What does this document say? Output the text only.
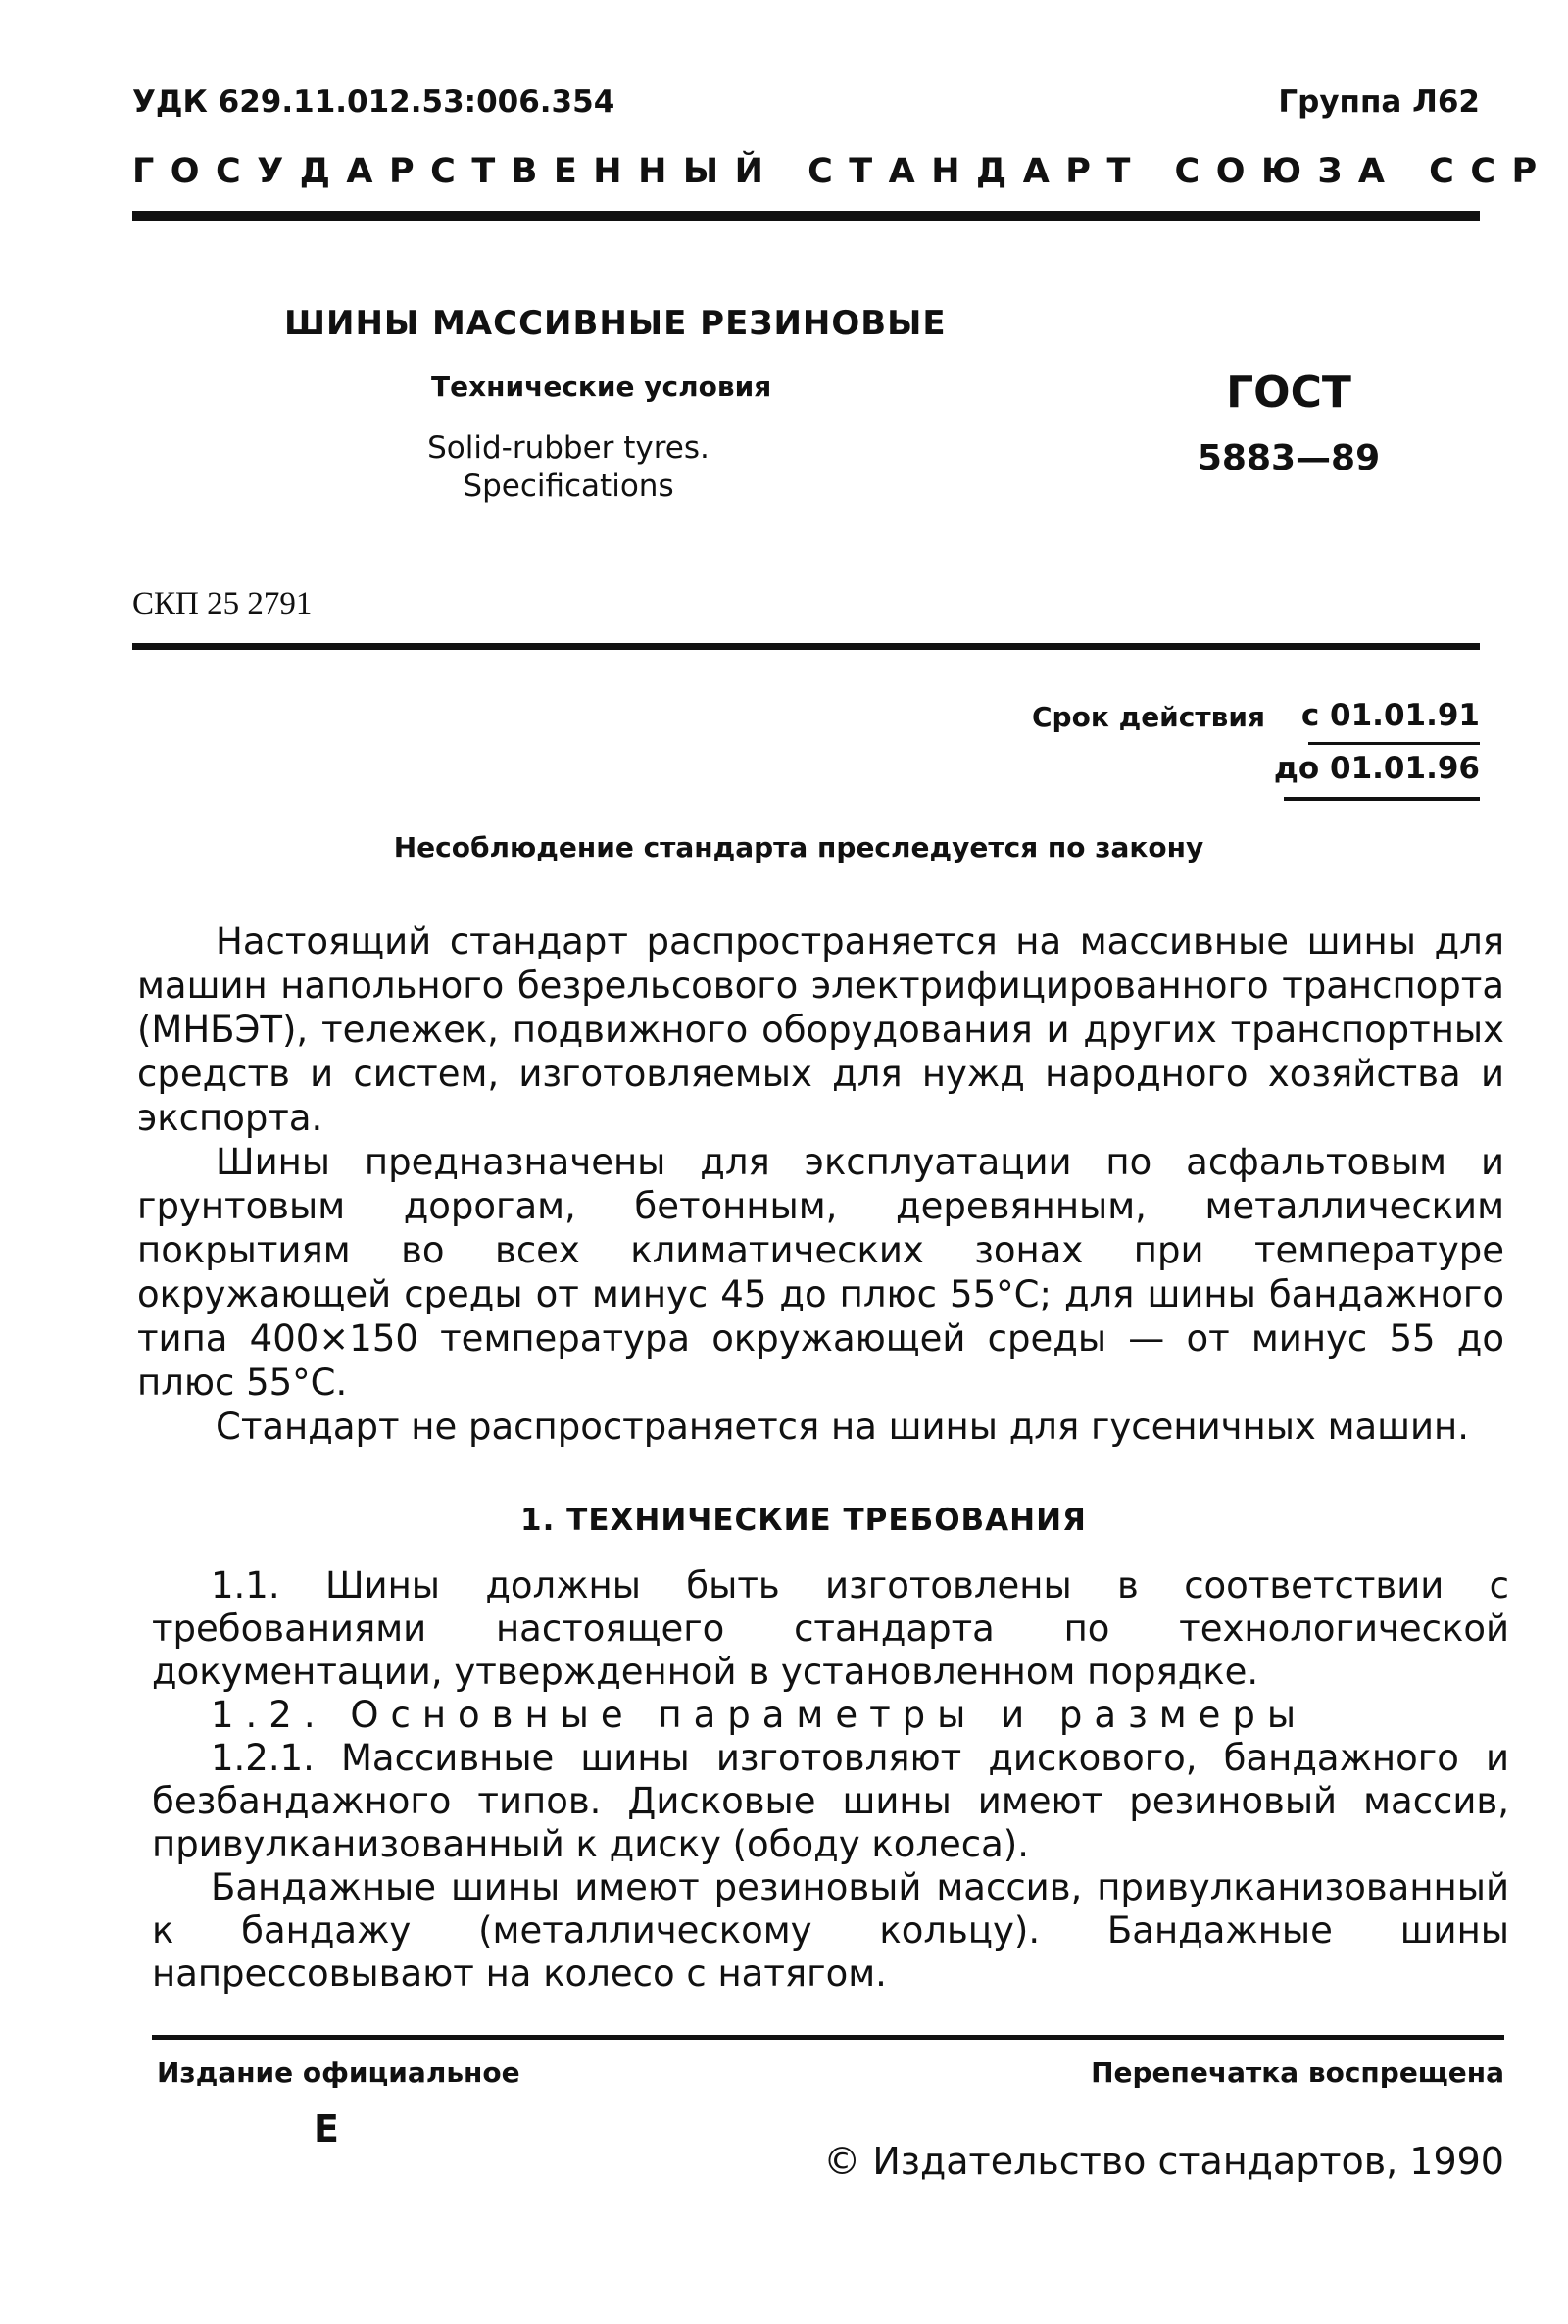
УДК 629.11.012.53:006.354	Группа Л62
ГОСУДАРСТВЕННЫЙ СТАНДАРТ СОЮЗА ССР
ШИНЫ МАССИВНЫЕ РЕЗИНОВЫЕ
Технические условия
Solid-rubber tyres.
Specifications
ГОСТ
5883—89
СКП 25 2791
Срок действия с 01.01.91
до 01.01.96
Несоблюдение стандарта преследуется по закону

Настоящий стандарт распространяется на массивные шины для машин напольного безрельсового электрифицированного транспорта (МНБЭТ), тележек, подвижного оборудования и других транспортных средств и систем, изготовляемых для нужд народного хозяйства и экспорта.

Шины предназначены для эксплуатации по асфальтовым и грунтовым дорогам, бетонным, деревянным, металлическим покрытиям во всех климатических зонах при температуре окружающей среды от минус 45 до плюс 55°С; для шины бандажного типа 400×150 температура окружающей среды — от минус 55 до плюс 55°С.

Стандарт не распространяется на шины для гусеничных машин.

1. ТЕХНИЧЕСКИЕ ТРЕБОВАНИЯ

1.1. Шины должны быть изготовлены в соответствии с требованиями настоящего стандарта по технологической документации, утвержденной в установленном порядке.

1.2. Основные параметры и размеры

1.2.1. Массивные шины изготовляют дискового, бандажного и безбандажного типов. Дисковые шины имеют резиновый массив, привулканизованный к диску (ободу колеса).

Бандажные шины имеют резиновый массив, привулканизованный к бандажу (металлическому кольцу). Бандажные шины напрессовывают на колесо с натягом.

Издание официальное	Перепечатка воспрещена
Е
© Издательство стандартов, 1990
